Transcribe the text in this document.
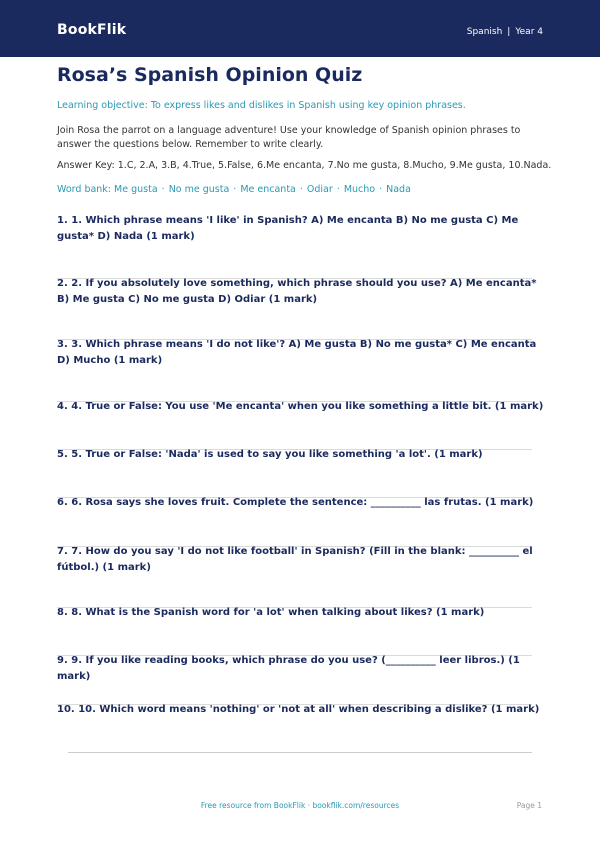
BookFlik	Spanish | Year 4
Rosa’s Spanish Opinion Quiz
Learning objective: To express likes and dislikes in Spanish using key opinion phrases.
Join Rosa the parrot on a language adventure! Use your knowledge of Spanish opinion phrases to answer the questions below. Remember to write clearly.
Answer Key: 1.C, 2.A, 3.B, 4.True, 5.False, 6.Me encanta, 7.No me gusta, 8.Mucho, 9.Me gusta, 10.Nada.
Word bank: Me gusta · No me gusta · Me encanta · Odiar · Mucho · Nada
1. 1. Which phrase means 'I like' in Spanish? A) Me encanta B) No me gusta C) Me gusta* D) Nada (1 mark)
2. 2. If you absolutely love something, which phrase should you use? A) Me encanta* B) Me gusta C) No me gusta D) Odiar (1 mark)
3. 3. Which phrase means 'I do not like'? A) Me gusta B) No me gusta* C) Me encanta D) Mucho (1 mark)
4. 4. True or False: You use 'Me encanta' when you like something a little bit. (1 mark)
5. 5. True or False: 'Nada' is used to say you like something 'a lot'. (1 mark)
6. 6. Rosa says she loves fruit. Complete the sentence: __________ las frutas. (1 mark)
7. 7. How do you say 'I do not like football' in Spanish? (Fill in the blank: __________ el fútbol.) (1 mark)
8. 8. What is the Spanish word for 'a lot' when talking about likes? (1 mark)
9. 9. If you like reading books, which phrase do you use? (__________ leer libros.) (1 mark)
10. 10. Which word means 'nothing' or 'not at all' when describing a dislike? (1 mark)
Free resource from BookFlik · bookflik.com/resources	Page 1
